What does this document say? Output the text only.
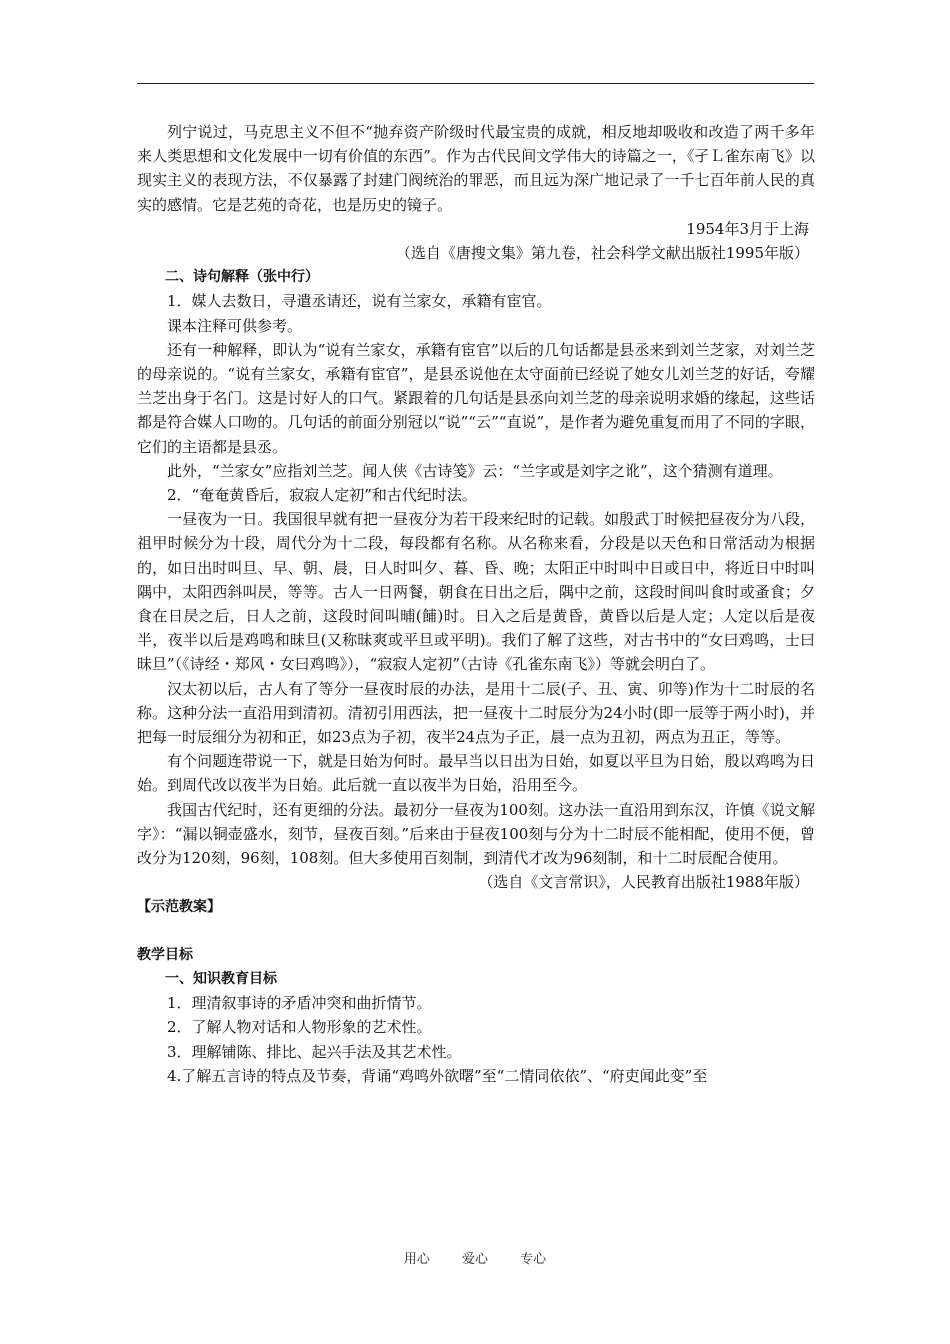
列宁说过，马克思主义不但不“抛弃资产阶级时代最宝贵的成就，相反地却吸收和改造了两千多年来人类思想和文化发展中一切有价值的东西”。作为古代民间文学伟大的诗篇之一，《孑Ｌ雀东南飞》以现实主义的表现方法，不仅暴露了封建门阀统治的罪恶，而且远为深广地记录了一千七百年前人民的真实的感情。它是艺苑的奇花，也是历史的镜子。

1954年3月于上海

（选自《唐搜文集》第九卷，社会科学文献出版社1995年版）

二、诗句解释（张中行）

1．媒人去数日，寻遣丞请还，说有兰家女，承籍有宦官。

课本注释可供参考。

还有一种解释，即认为“说有兰家女，承籍有宦官”以后的几句话都是县丞来到刘兰芝家，对刘兰芝的母亲说的。“说有兰家女，承籍有宦官”，是县丞说他在太守面前已经说了她女儿刘兰芝的好话，夸耀兰芝出身于名门。这是讨好人的口气。紧跟着的几句话是县丞向刘兰芝的母亲说明求婚的缘起，这些话都是符合媒人口吻的。几句话的前面分别冠以“说”“云”“直说”，是作者为避免重复而用了不同的字眼，它们的主语都是县丞。

此外，“兰家女”应指刘兰芝。闻人侠《古诗笺》云：“兰字或是刘字之讹”，这个猜测有道理。

2．“奄奄黄昏后，寂寂人定初”和古代纪时法。

一昼夜为一日。我国很早就有把一昼夜分为若干段来纪时的记载。如殷武丁时候把昼夜分为八段，祖甲时候分为十段，周代分为十二段，每段都有名称。从名称来看，分段是以天色和日常活动为根据的，如日出时叫旦、早、朝、晨，日人时叫夕、暮、昏、晚；太阳正中时叫中日或日中，将近日中时叫隅中，太阳西斜叫昃，等等。古人一日两餐，朝食在日出之后，隅中之前，这段时间叫食时或蚤食；夕食在日昃之后，日人之前，这段时间叫晡(餔)时。日入之后是黄昏，黄昏以后是人定；人定以后是夜半，夜半以后是鸡鸣和昧旦(又称昧爽或平旦或平明)。我们了解了这些，对古书中的“女曰鸡鸣，士曰昧旦”（《诗经・郑风・女曰鸡鸣》），“寂寂人定初”（古诗《孔雀东南飞》）等就会明白了。

汉太初以后，古人有了等分一昼夜时辰的办法，是用十二辰(子、丑、寅、卯等)作为十二时辰的名称。这种分法一直沿用到清初。清初引用西法，把一昼夜十二时辰分为24小时(即一辰等于两小时)，并把每一时辰细分为初和正，如23点为子初，夜半24点为子正，晨一点为丑初，两点为丑正，等等。

有个问题连带说一下，就是日始为何时。最早当以日出为日始，如夏以平旦为日始，殷以鸡鸣为日始。到周代改以夜半为日始。此后就一直以夜半为日始，沿用至今。

我国古代纪时，还有更细的分法。最初分一昼夜为100刻。这办法一直沿用到东汉，许慎《说文解字》：“漏以铜壶盛水，刻节，昼夜百刻。”后来由于昼夜100刻与分为十二时辰不能相配，使用不便，曾改分为120刻，96刻，108刻。但大多使用百刻制，到清代才改为96刻制，和十二时辰配合使用。

（选自《文言常识》，人民教育出版社1988年版）

【示范教案】

教学目标

一、知识教育目标

1．理清叙事诗的矛盾冲突和曲折情节。

2．了解人物对话和人物形象的艺术性。

3．理解铺陈、排比、起兴手法及其艺术性。

4.了解五言诗的特点及节奏，背诵“鸡鸣外欲曙”至“二情同依依”、“府吏闻此变”至

用心 爱心 专心
